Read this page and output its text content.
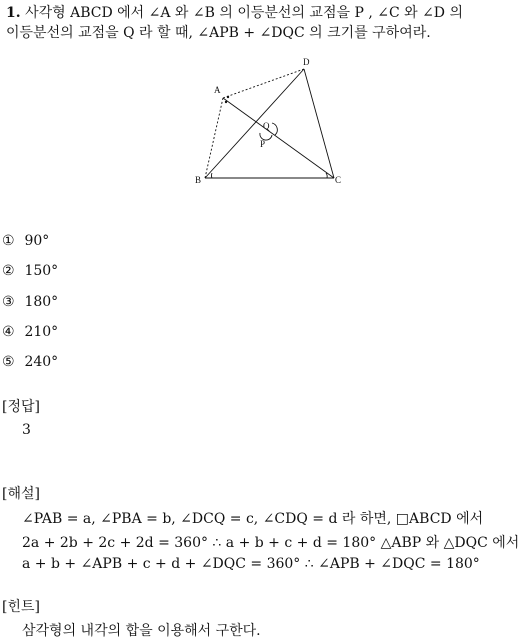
1. 사각형 ABCD 에서 ∠A 와 ∠B 의 이등분선의 교점을 P , ∠C 와 ∠D 의
이등분선의 교점을 Q 라 할 때, ∠APB + ∠DQC 의 크기를 구하여라.
A
B	C
D
P
Q
① 90°
② 150°
③ 180°
④ 210°
⑤ 240°
[정답]
3
[해설]
∠PAB = a, ∠PBA = b, ∠DCQ = c, ∠CDQ = d 라 하면, □ABCD 에서
2a + 2b + 2c + 2d = 360° ∴ a + b + c + d = 180° △ABP 와 △DQC 에서
a + b + ∠APB + c + d + ∠DQC = 360° ∴ ∠APB + ∠DQC = 180°
[힌트]
삼각형의 내각의 합을 이용해서 구한다.
